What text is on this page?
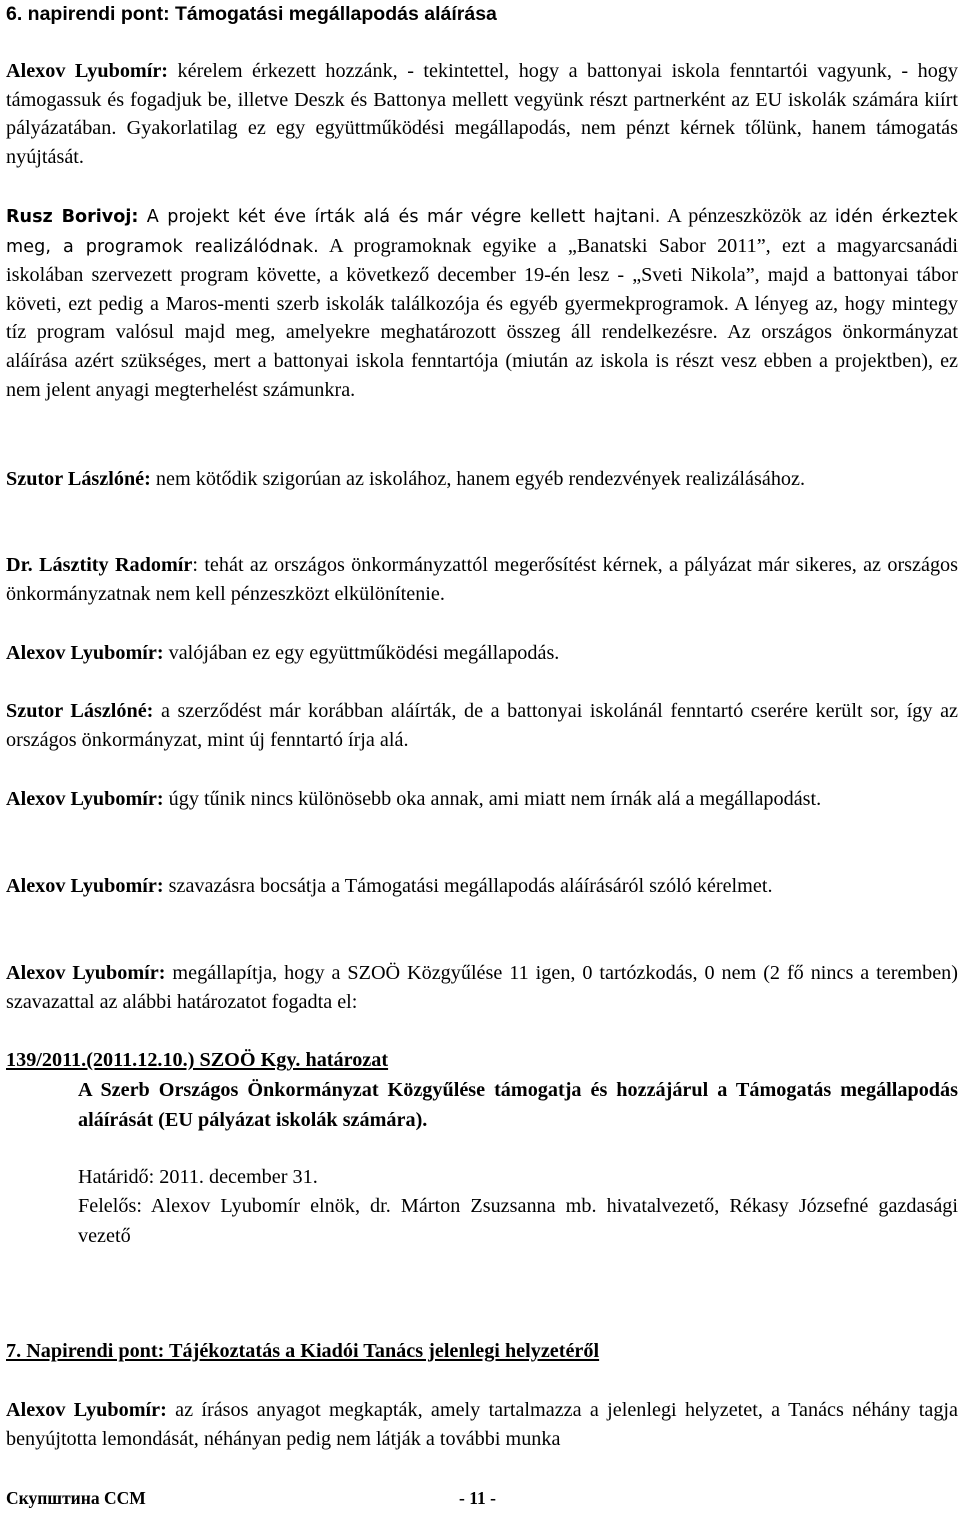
6. napirendi pont: Támogatási megállapodás aláírása

Alexov Lyubomír: kérelem érkezett hozzánk, - tekintettel, hogy a battonyai iskola fenntartói vagyunk, - hogy támogassuk és fogadjuk be, illetve Deszk és Battonya mellett vegyünk részt partnerként az EU iskolák számára kiírt pályázatában. Gyakorlatilag ez egy együttműködési megállapodás, nem pénzt kérnek tőlünk, hanem támogatás nyújtását.

Rusz Borivoj: A projekt két éve írták alá és már végre kellett hajtani. A pénzeszközök az idén érkeztek meg, a programok realizálódnak. A programoknak egyike a „Banatski Sabor 2011”, ezt a magyarcsanádi iskolában szervezett program követte, a következő december 19-én lesz - „Sveti Nikola”, majd a battonyai tábor követi, ezt pedig a Maros-menti szerb iskolák találkozója és egyéb gyermekprogramok. A lényeg az, hogy mintegy tíz program valósul majd meg, amelyekre meghatározott összeg áll rendelkezésre. Az országos önkormányzat aláírása azért szükséges, mert a battonyai iskola fenntartója (miután az iskola is részt vesz ebben a projektben), ez nem jelent anyagi megterhelést számunkra.

Szutor Lászlóné: nem kötődik szigorúan az iskolához, hanem egyéb rendezvények realizálásához.

Dr. Lásztity Radomír: tehát az országos önkormányzattól megerősítést kérnek, a pályázat már sikeres, az országos önkormányzatnak nem kell pénzeszközt elkülönítenie.

Alexov Lyubomír: valójában ez egy együttműködési megállapodás.

Szutor Lászlóné: a szerződést már korábban aláírták, de a battonyai iskolánál fenntartó cserére került sor, így az országos önkormányzat, mint új fenntartó írja alá.

Alexov Lyubomír: úgy tűnik nincs különösebb oka annak, ami miatt nem írnák alá a megállapodást.

Alexov Lyubomír: szavazásra bocsátja a Támogatási megállapodás aláírásáról szóló kérelmet.

Alexov Lyubomír: megállapítja, hogy a SZOÖ Közgyűlése 11 igen, 0 tartózkodás, 0 nem (2 fő nincs a teremben) szavazattal az alábbi határozatot fogadta el:

139/2011.(2011.12.10.) SZOÖ Kgy. határozat

A Szerb Országos Önkormányzat Közgyűlése támogatja és hozzájárul a Támogatás megállapodás aláírását (EU pályázat iskolák számára).

Határidő: 2011. december 31.

Felelős: Alexov Lyubomír elnök, dr. Márton Zsuzsanna mb. hivatalvezető, Rékasy Józsefné gazdasági vezető

7. Napirendi pont: Tájékoztatás a Kiadói Tanács jelenlegi helyzetéről

Alexov Lyubomír: az írásos anyagot megkapták, amely tartalmazza a jelenlegi helyzetet, a Tanács néhány tagja benyújtotta lemondását, néhányan pedig nem látják a további munka

Скупштина ССМ	- 11 -
